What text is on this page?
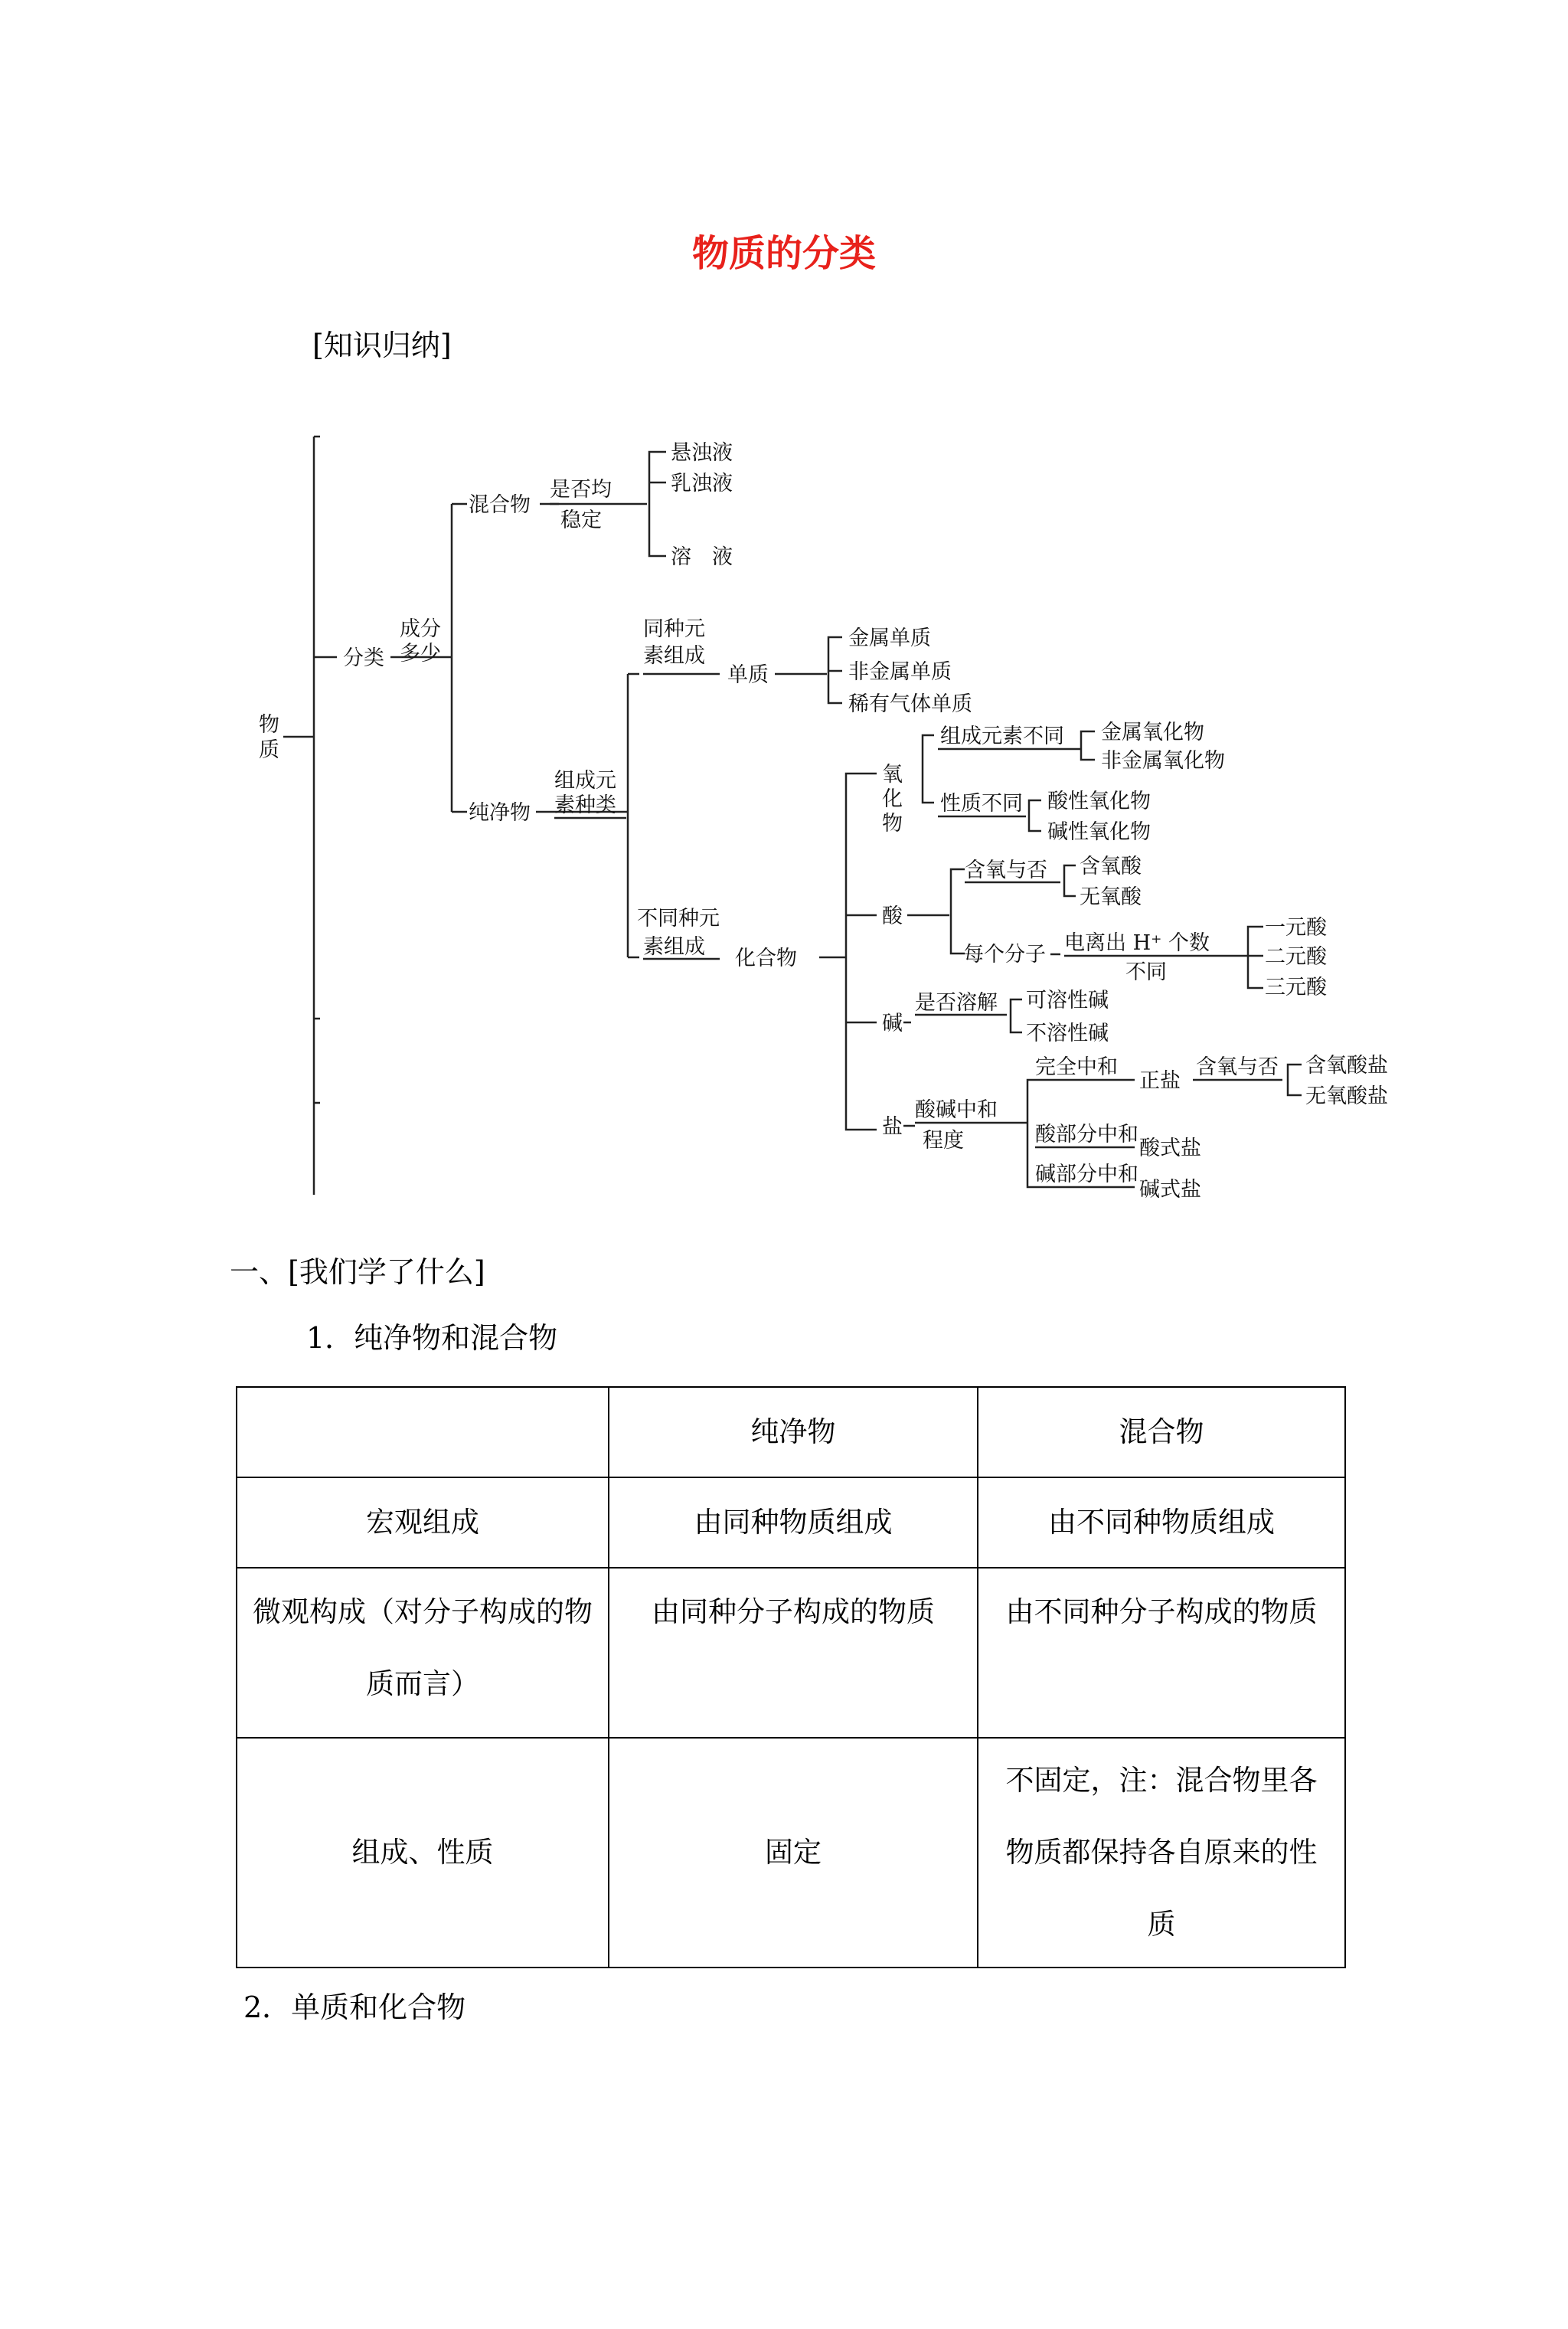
物质的分类
[知识归纳]
物
质
分类
成分
多少
混合物
是否均
稳定
悬浊液
乳浊液
溶　液
纯净物
组成元
素种类
同种元
素组成
单质
金属单质
非金属单质
稀有气体单质
不同种元
素组成 化合物
氧
化
物
组成元素不同 金属氧化物
非金属氧化物
性质不同 酸性氧化物
碱性氧化物
酸
含氧与否 含氧酸
无氧酸
每个分子 电离出 H⁺ 个数
不同
一元酸
二元酸
三元酸
碱
是否溶解 可溶性碱
不溶性碱
盐
酸碱中和
程度
完全中和
正盐
含氧与否 含氧酸盐
无氧酸盐
酸部分中和
酸式盐
碱部分中和
碱式盐
一、[我们学了什么]
1．纯净物和混合物
	纯净物	混合物
宏观组成	由同种物质组成	由不同种物质组成
微观构成（对分子构成的物质而言）	由同种分子构成的物质	由不同种分子构成的物质
组成、性质	固定	不固定，注：混合物里各物质都保持各自原来的性质
2．单质和化合物
